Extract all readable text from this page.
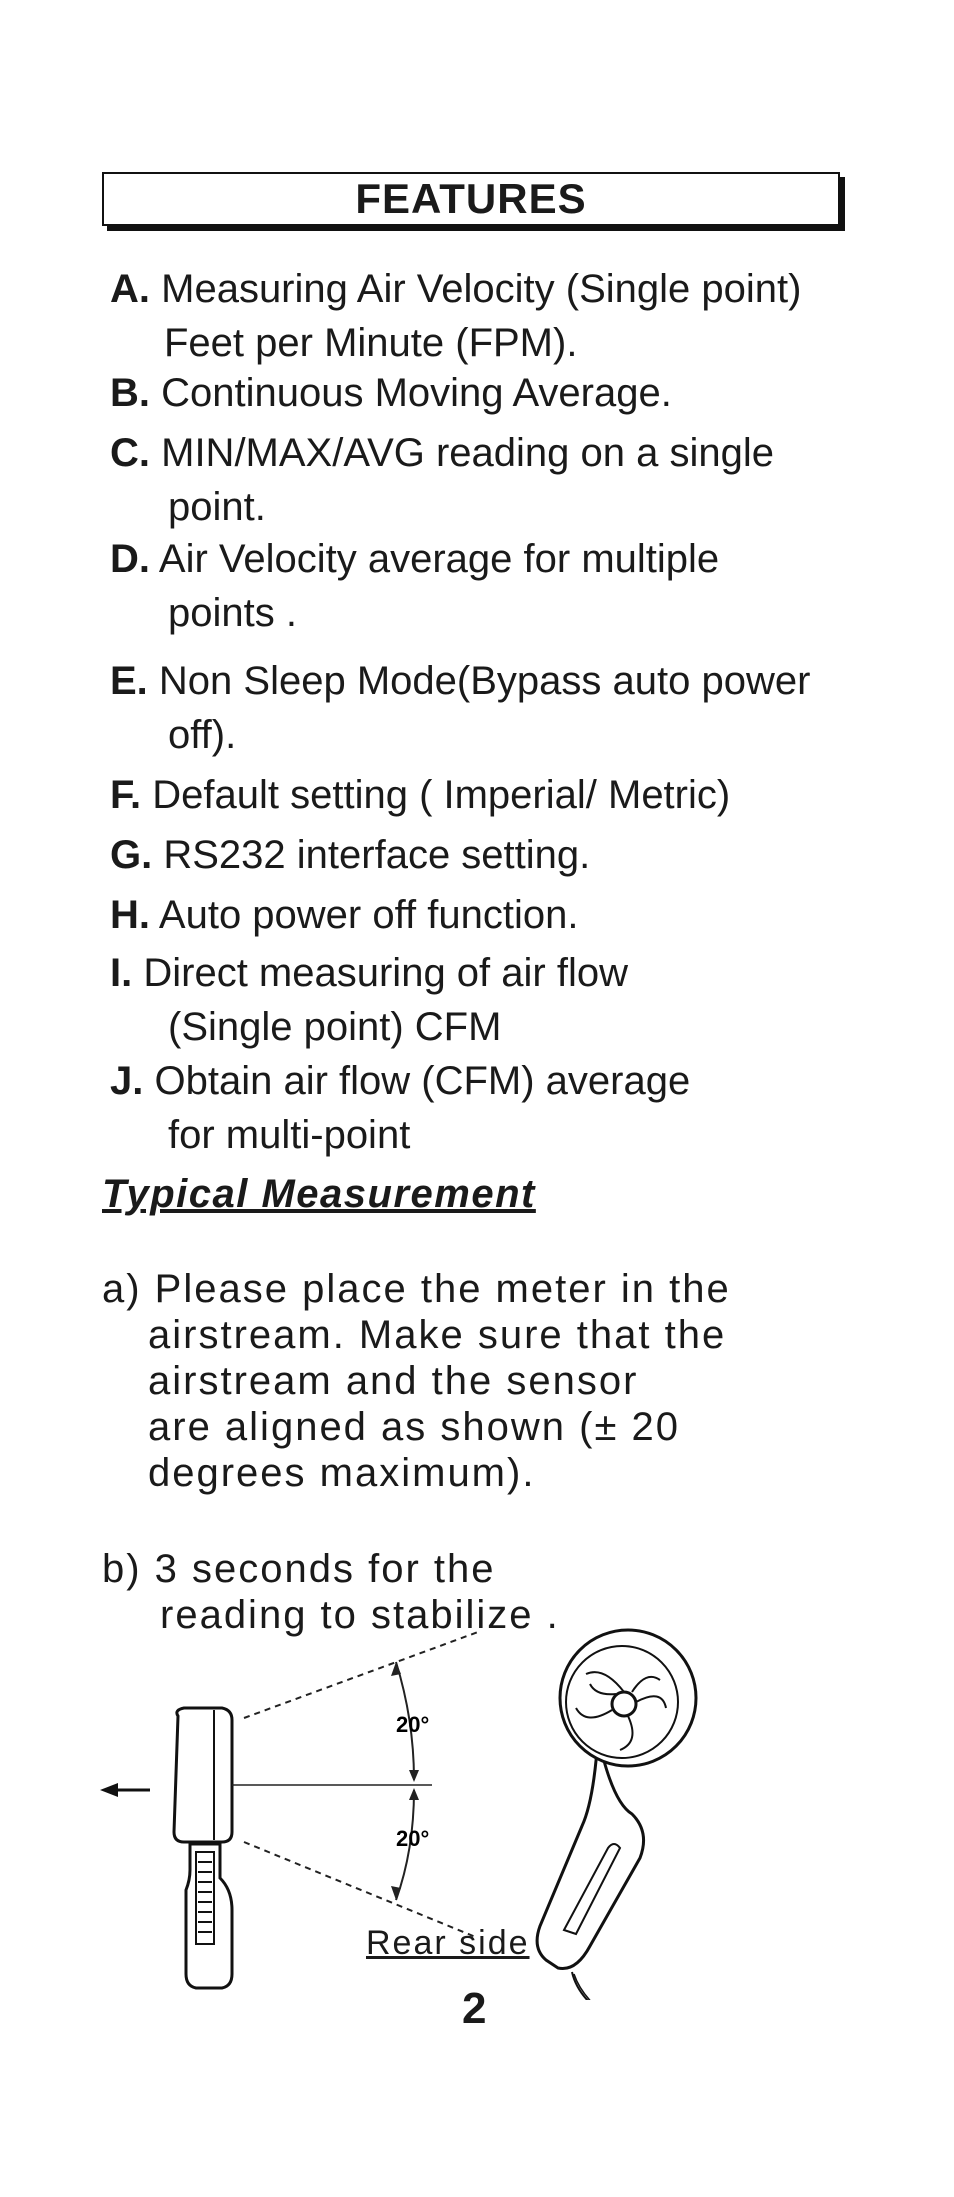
FEATURES
A. Measuring Air Velocity (Single point)
Feet per Minute (FPM).
B. Continuous Moving Average.
C. MIN/MAX/AVG reading on a single
point.
D. Air Velocity average for multiple
points .
E. Non Sleep Mode(Bypass auto power
off).
F. Default setting ( Imperial/ Metric)
G. RS232 interface setting.
H. Auto power off function.
I. Direct measuring of air flow
(Single point) CFM
J. Obtain air flow (CFM) average
for multi-point
Typical Measurement
a) Please place the meter in the
airstream. Make sure that the
airstream and the sensor
are aligned as shown (± 20
degrees maximum).
b) 3 seconds for the
reading to stabilize .
20°
20°
Rear side
2
